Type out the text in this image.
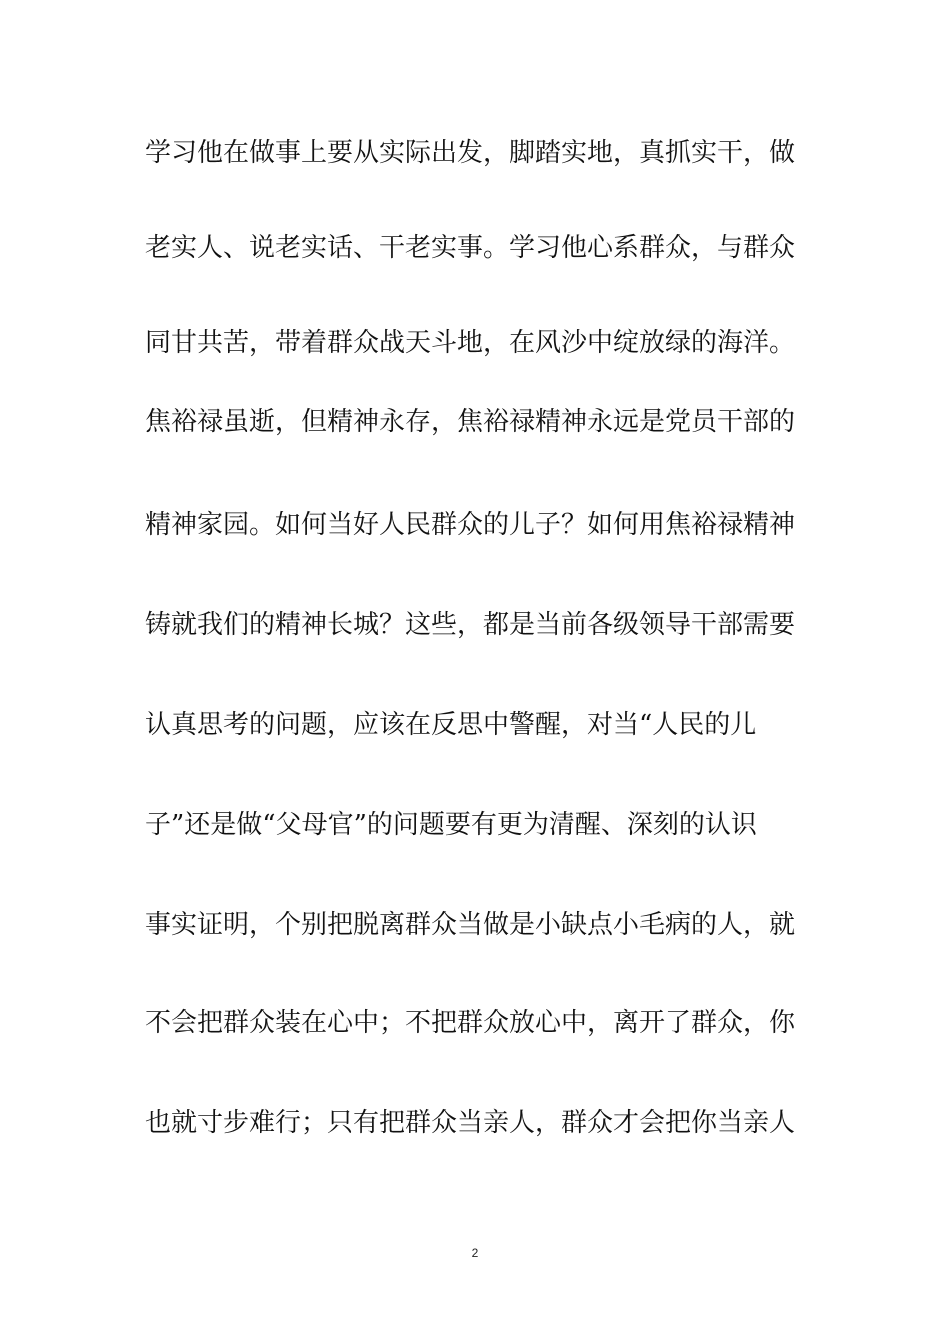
学习他在做事上要从实际出发，脚踏实地，真抓实干，做
老实人、说老实话、干老实事。学习他心系群众，与群众
同甘共苦，带着群众战天斗地，在风沙中绽放绿的海洋。
焦裕禄虽逝，但精神永存，焦裕禄精神永远是党员干部的
精神家园。如何当好人民群众的儿子？如何用焦裕禄精神
铸就我们的精神长城？这些，都是当前各级领导干部需要
认真思考的问题，应该在反思中警醒，对当“人民的儿
子”还是做“父母官”的问题要有更为清醒、深刻的认识
事实证明，个别把脱离群众当做是小缺点小毛病的人，就
不会把群众装在心中；不把群众放心中，离开了群众，你
也就寸步难行；只有把群众当亲人，群众才会把你当亲人
2
